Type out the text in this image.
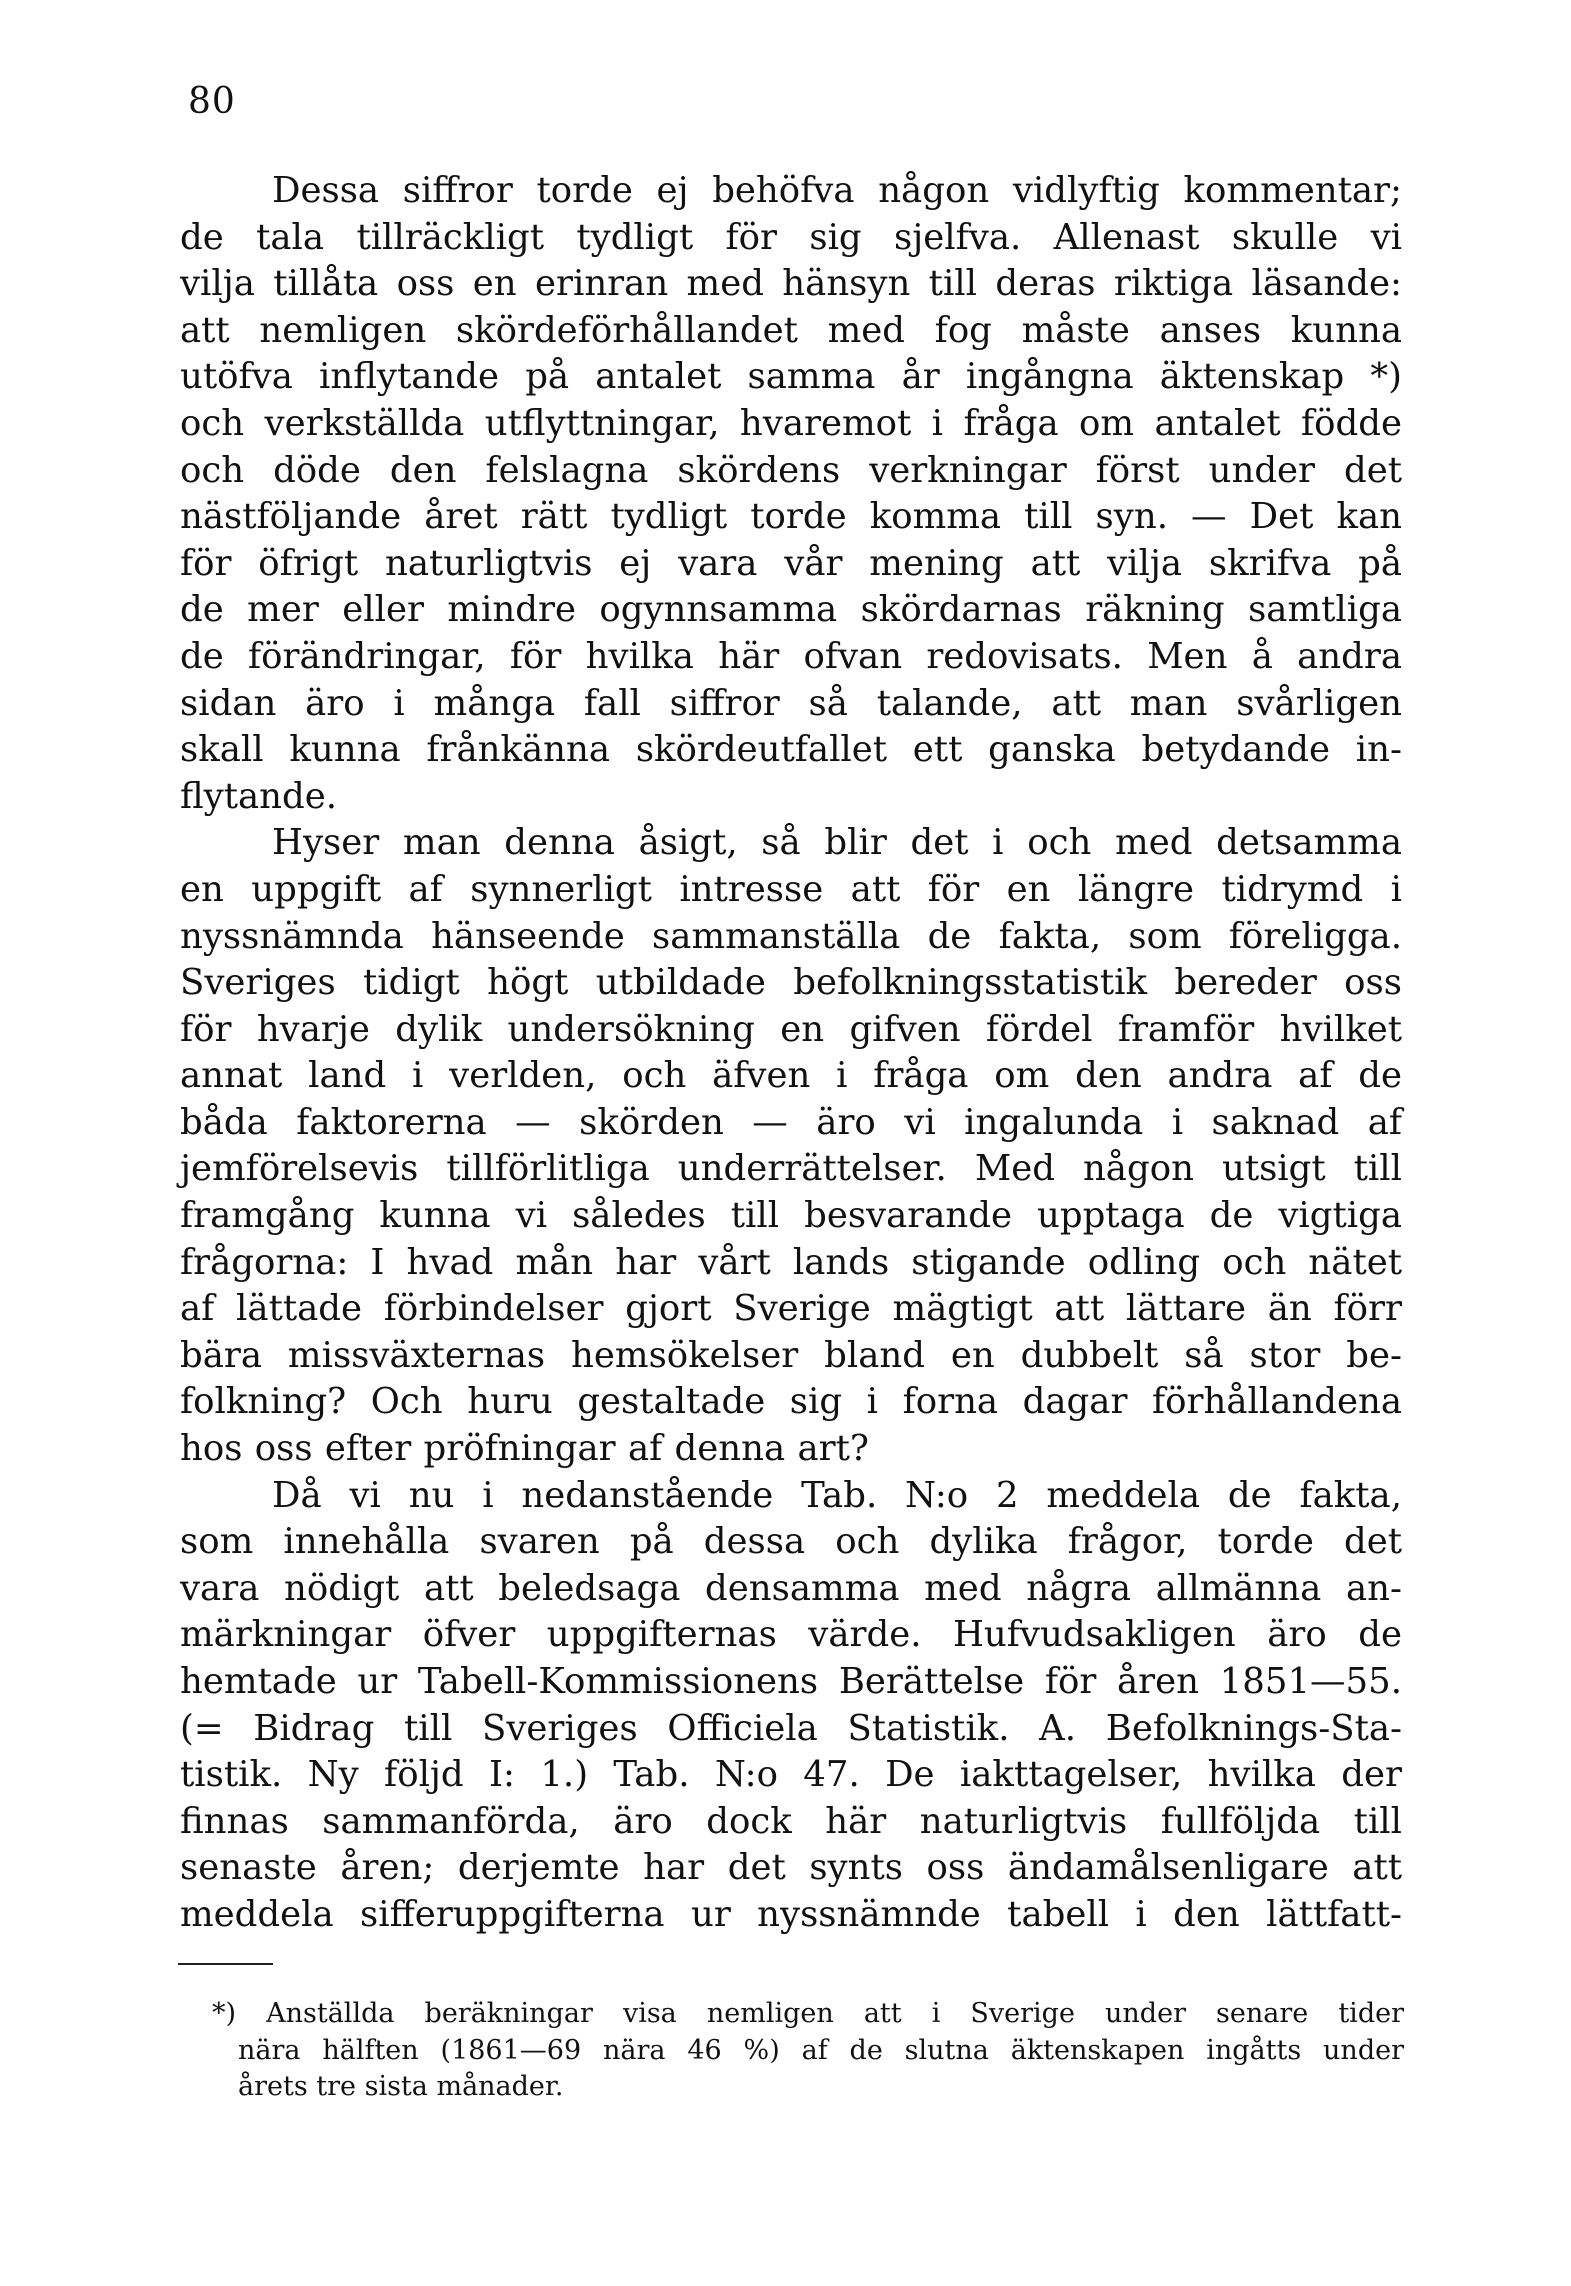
80
Dessa siffror torde ej behöfva någon vidlyftig kommentar;
de tala tillräckligt tydligt för sig sjelfva. Allenast skulle vi
vilja tillåta oss en erinran med hänsyn till deras riktiga läsande:
att nemligen skördeförhållandet med fog måste anses kunna
utöfva inflytande på antalet samma år ingångna äktenskap *)
och verkställda utflyttningar, hvaremot i fråga om antalet födde
och döde den felslagna skördens verkningar först under det
nästföljande året rätt tydligt torde komma till syn. — Det kan
för öfrigt naturligtvis ej vara vår mening att vilja skrifva på
de mer eller mindre ogynnsamma skördarnas räkning samtliga
de förändringar, för hvilka här ofvan redovisats. Men å andra
sidan äro i många fall siffror så talande, att man svårligen
skall kunna frånkänna skördeutfallet ett ganska betydande in-
flytande.
Hyser man denna åsigt, så blir det i och med detsamma
en uppgift af synnerligt intresse att för en längre tidrymd i
nyssnämnda hänseende sammanställa de fakta, som föreligga.
Sveriges tidigt högt utbildade befolkningsstatistik bereder oss
för hvarje dylik undersökning en gifven fördel framför hvilket
annat land i verlden, och äfven i fråga om den andra af de
båda faktorerna — skörden — äro vi ingalunda i saknad af
jemförelsevis tillförlitliga underrättelser. Med någon utsigt till
framgång kunna vi således till besvarande upptaga de vigtiga
frågorna: I hvad mån har vårt lands stigande odling och nätet
af lättade förbindelser gjort Sverige mägtigt att lättare än förr
bära missväxternas hemsökelser bland en dubbelt så stor be-
folkning? Och huru gestaltade sig i forna dagar förhållandena
hos oss efter pröfningar af denna art?
Då vi nu i nedanstående Tab. N:o 2 meddela de fakta,
som innehålla svaren på dessa och dylika frågor, torde det
vara nödigt att beledsaga densamma med några allmänna an-
märkningar öfver uppgifternas värde. Hufvudsakligen äro de
hemtade ur Tabell-Kommissionens Berättelse för åren 1851—55.
(= Bidrag till Sveriges Officiela Statistik. A. Befolknings-Sta-
tistik. Ny följd I: 1.) Tab. N:o 47. De iakttagelser, hvilka der
finnas sammanförda, äro dock här naturligtvis fullföljda till
senaste åren; derjemte har det synts oss ändamålsenligare att
meddela sifferuppgifterna ur nyssnämnde tabell i den lättfatt-
*) Anställda beräkningar visa nemligen att i Sverige under senare tider
nära hälften (1861—69 nära 46 %) af de slutna äktenskapen ingåtts under
årets tre sista månader.
